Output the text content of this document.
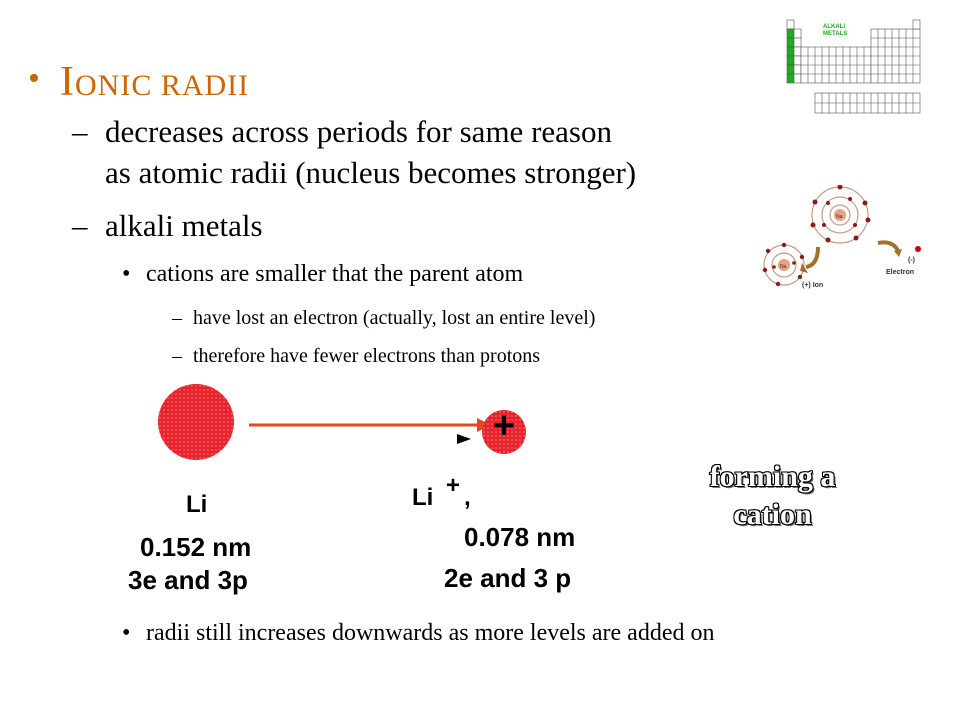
• IONIC RADII
– decreases across periods for same reason
as atomic radii (nucleus becomes stronger)
– alkali metals
• cations are smaller that the parent atom
– have lost an electron (actually, lost an entire level)
– therefore have fewer electrons than protons
• radii still increases downwards as more levels are added on
ALKALI
METALS
(-)
Electron
(+) Ion
Na
Na
+
Li
0.152 nm
3e and 3p
Li + ,
0.078 nm
2e and 3 p
forming a
cation
